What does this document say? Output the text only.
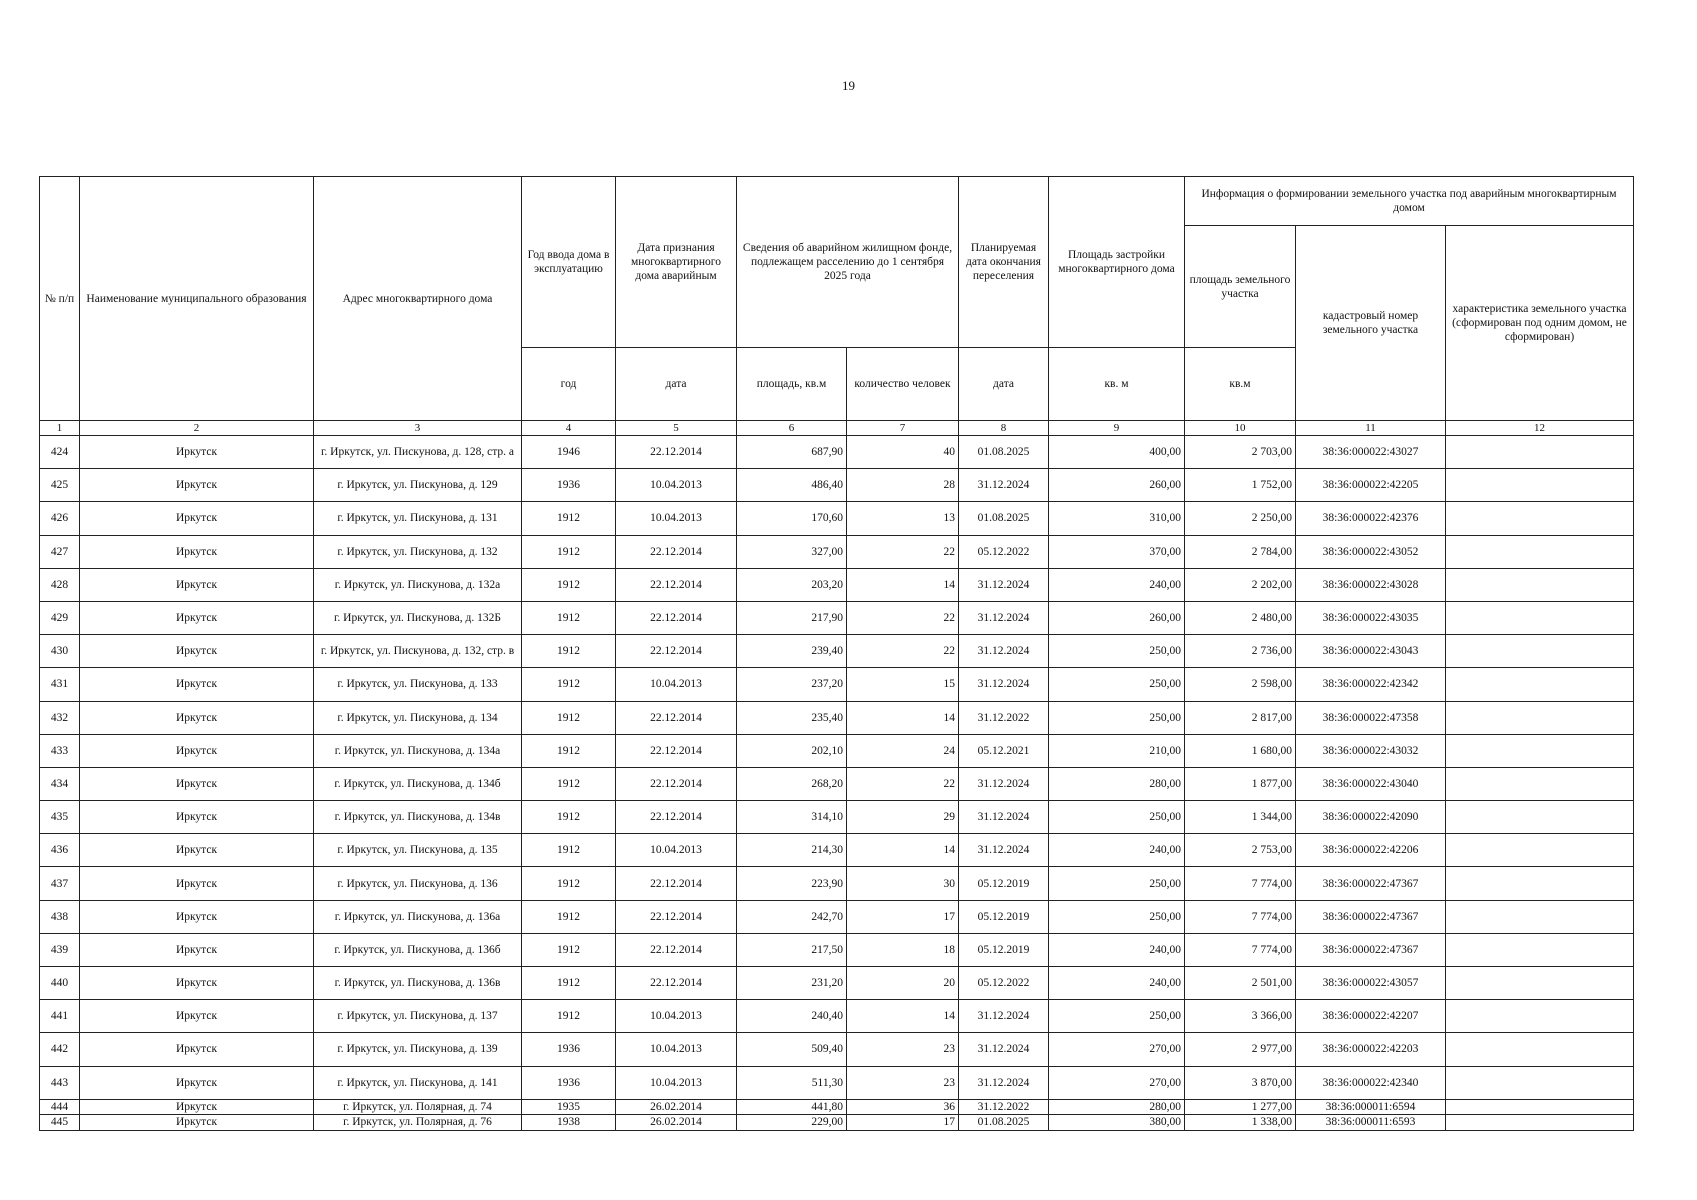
19
№ п/п	Наименование муниципального образования	Адрес многоквартирного дома	Год ввода дома в эксплуатацию	Дата признания многоквартирного дома аварийным	Сведения об аварийном жилищном фонде, подлежащем расселению до 1 сентября 2025 года		Планируемая дата окончания переселения	Площадь застройки многоквартирного дома	Информация о формировании земельного участка под аварийным многоквартирным домом		
									площадь земельного участка	кадастровый номер земельного участка	характеристика земельного участка (сформирован под одним домом, не сформирован)
			год	дата	площадь, кв.м	количество человек	дата	кв. м	кв.м		
1	2	3	4	5	6	7	8	9	10	11	12
424	Иркутск	г. Иркутск, ул. Пискунова, д. 128, стр. а	1946	22.12.2014	687,90	40	01.08.2025	400,00	2 703,00	38:36:000022:43027	
425	Иркутск	г. Иркутск, ул. Пискунова, д. 129	1936	10.04.2013	486,40	28	31.12.2024	260,00	1 752,00	38:36:000022:42205	
426	Иркутск	г. Иркутск, ул. Пискунова, д. 131	1912	10.04.2013	170,60	13	01.08.2025	310,00	2 250,00	38:36:000022:42376	
427	Иркутск	г. Иркутск, ул. Пискунова, д. 132	1912	22.12.2014	327,00	22	05.12.2022	370,00	2 784,00	38:36:000022:43052	
428	Иркутск	г. Иркутск, ул. Пискунова, д. 132а	1912	22.12.2014	203,20	14	31.12.2024	240,00	2 202,00	38:36:000022:43028	
429	Иркутск	г. Иркутск, ул. Пискунова, д. 132Б	1912	22.12.2014	217,90	22	31.12.2024	260,00	2 480,00	38:36:000022:43035	
430	Иркутск	г. Иркутск, ул. Пискунова, д. 132, стр. в	1912	22.12.2014	239,40	22	31.12.2024	250,00	2 736,00	38:36:000022:43043	
431	Иркутск	г. Иркутск, ул. Пискунова, д. 133	1912	10.04.2013	237,20	15	31.12.2024	250,00	2 598,00	38:36:000022:42342	
432	Иркутск	г. Иркутск, ул. Пискунова, д. 134	1912	22.12.2014	235,40	14	31.12.2022	250,00	2 817,00	38:36:000022:47358	
433	Иркутск	г. Иркутск, ул. Пискунова, д. 134а	1912	22.12.2014	202,10	24	05.12.2021	210,00	1 680,00	38:36:000022:43032	
434	Иркутск	г. Иркутск, ул. Пискунова, д. 134б	1912	22.12.2014	268,20	22	31.12.2024	280,00	1 877,00	38:36:000022:43040	
435	Иркутск	г. Иркутск, ул. Пискунова, д. 134в	1912	22.12.2014	314,10	29	31.12.2024	250,00	1 344,00	38:36:000022:42090	
436	Иркутск	г. Иркутск, ул. Пискунова, д. 135	1912	10.04.2013	214,30	14	31.12.2024	240,00	2 753,00	38:36:000022:42206	
437	Иркутск	г. Иркутск, ул. Пискунова, д. 136	1912	22.12.2014	223,90	30	05.12.2019	250,00	7 774,00	38:36:000022:47367	
438	Иркутск	г. Иркутск, ул. Пискунова, д. 136а	1912	22.12.2014	242,70	17	05.12.2019	250,00	7 774,00	38:36:000022:47367	
439	Иркутск	г. Иркутск, ул. Пискунова, д. 136б	1912	22.12.2014	217,50	18	05.12.2019	240,00	7 774,00	38:36:000022:47367	
440	Иркутск	г. Иркутск, ул. Пискунова, д. 136в	1912	22.12.2014	231,20	20	05.12.2022	240,00	2 501,00	38:36:000022:43057	
441	Иркутск	г. Иркутск, ул. Пискунова, д. 137	1912	10.04.2013	240,40	14	31.12.2024	250,00	3 366,00	38:36:000022:42207	
442	Иркутск	г. Иркутск, ул. Пискунова, д. 139	1936	10.04.2013	509,40	23	31.12.2024	270,00	2 977,00	38:36:000022:42203	
443	Иркутск	г. Иркутск, ул. Пискунова, д. 141	1936	10.04.2013	511,30	23	31.12.2024	270,00	3 870,00	38:36:000022:42340	
444	Иркутск	г. Иркутск, ул. Полярная, д. 74	1935	26.02.2014	441,80	36	31.12.2022	280,00	1 277,00	38:36:000011:6594	
445	Иркутск	г. Иркутск, ул. Полярная, д. 76	1938	26.02.2014	229,00	17	01.08.2025	380,00	1 338,00	38:36:000011:6593	
